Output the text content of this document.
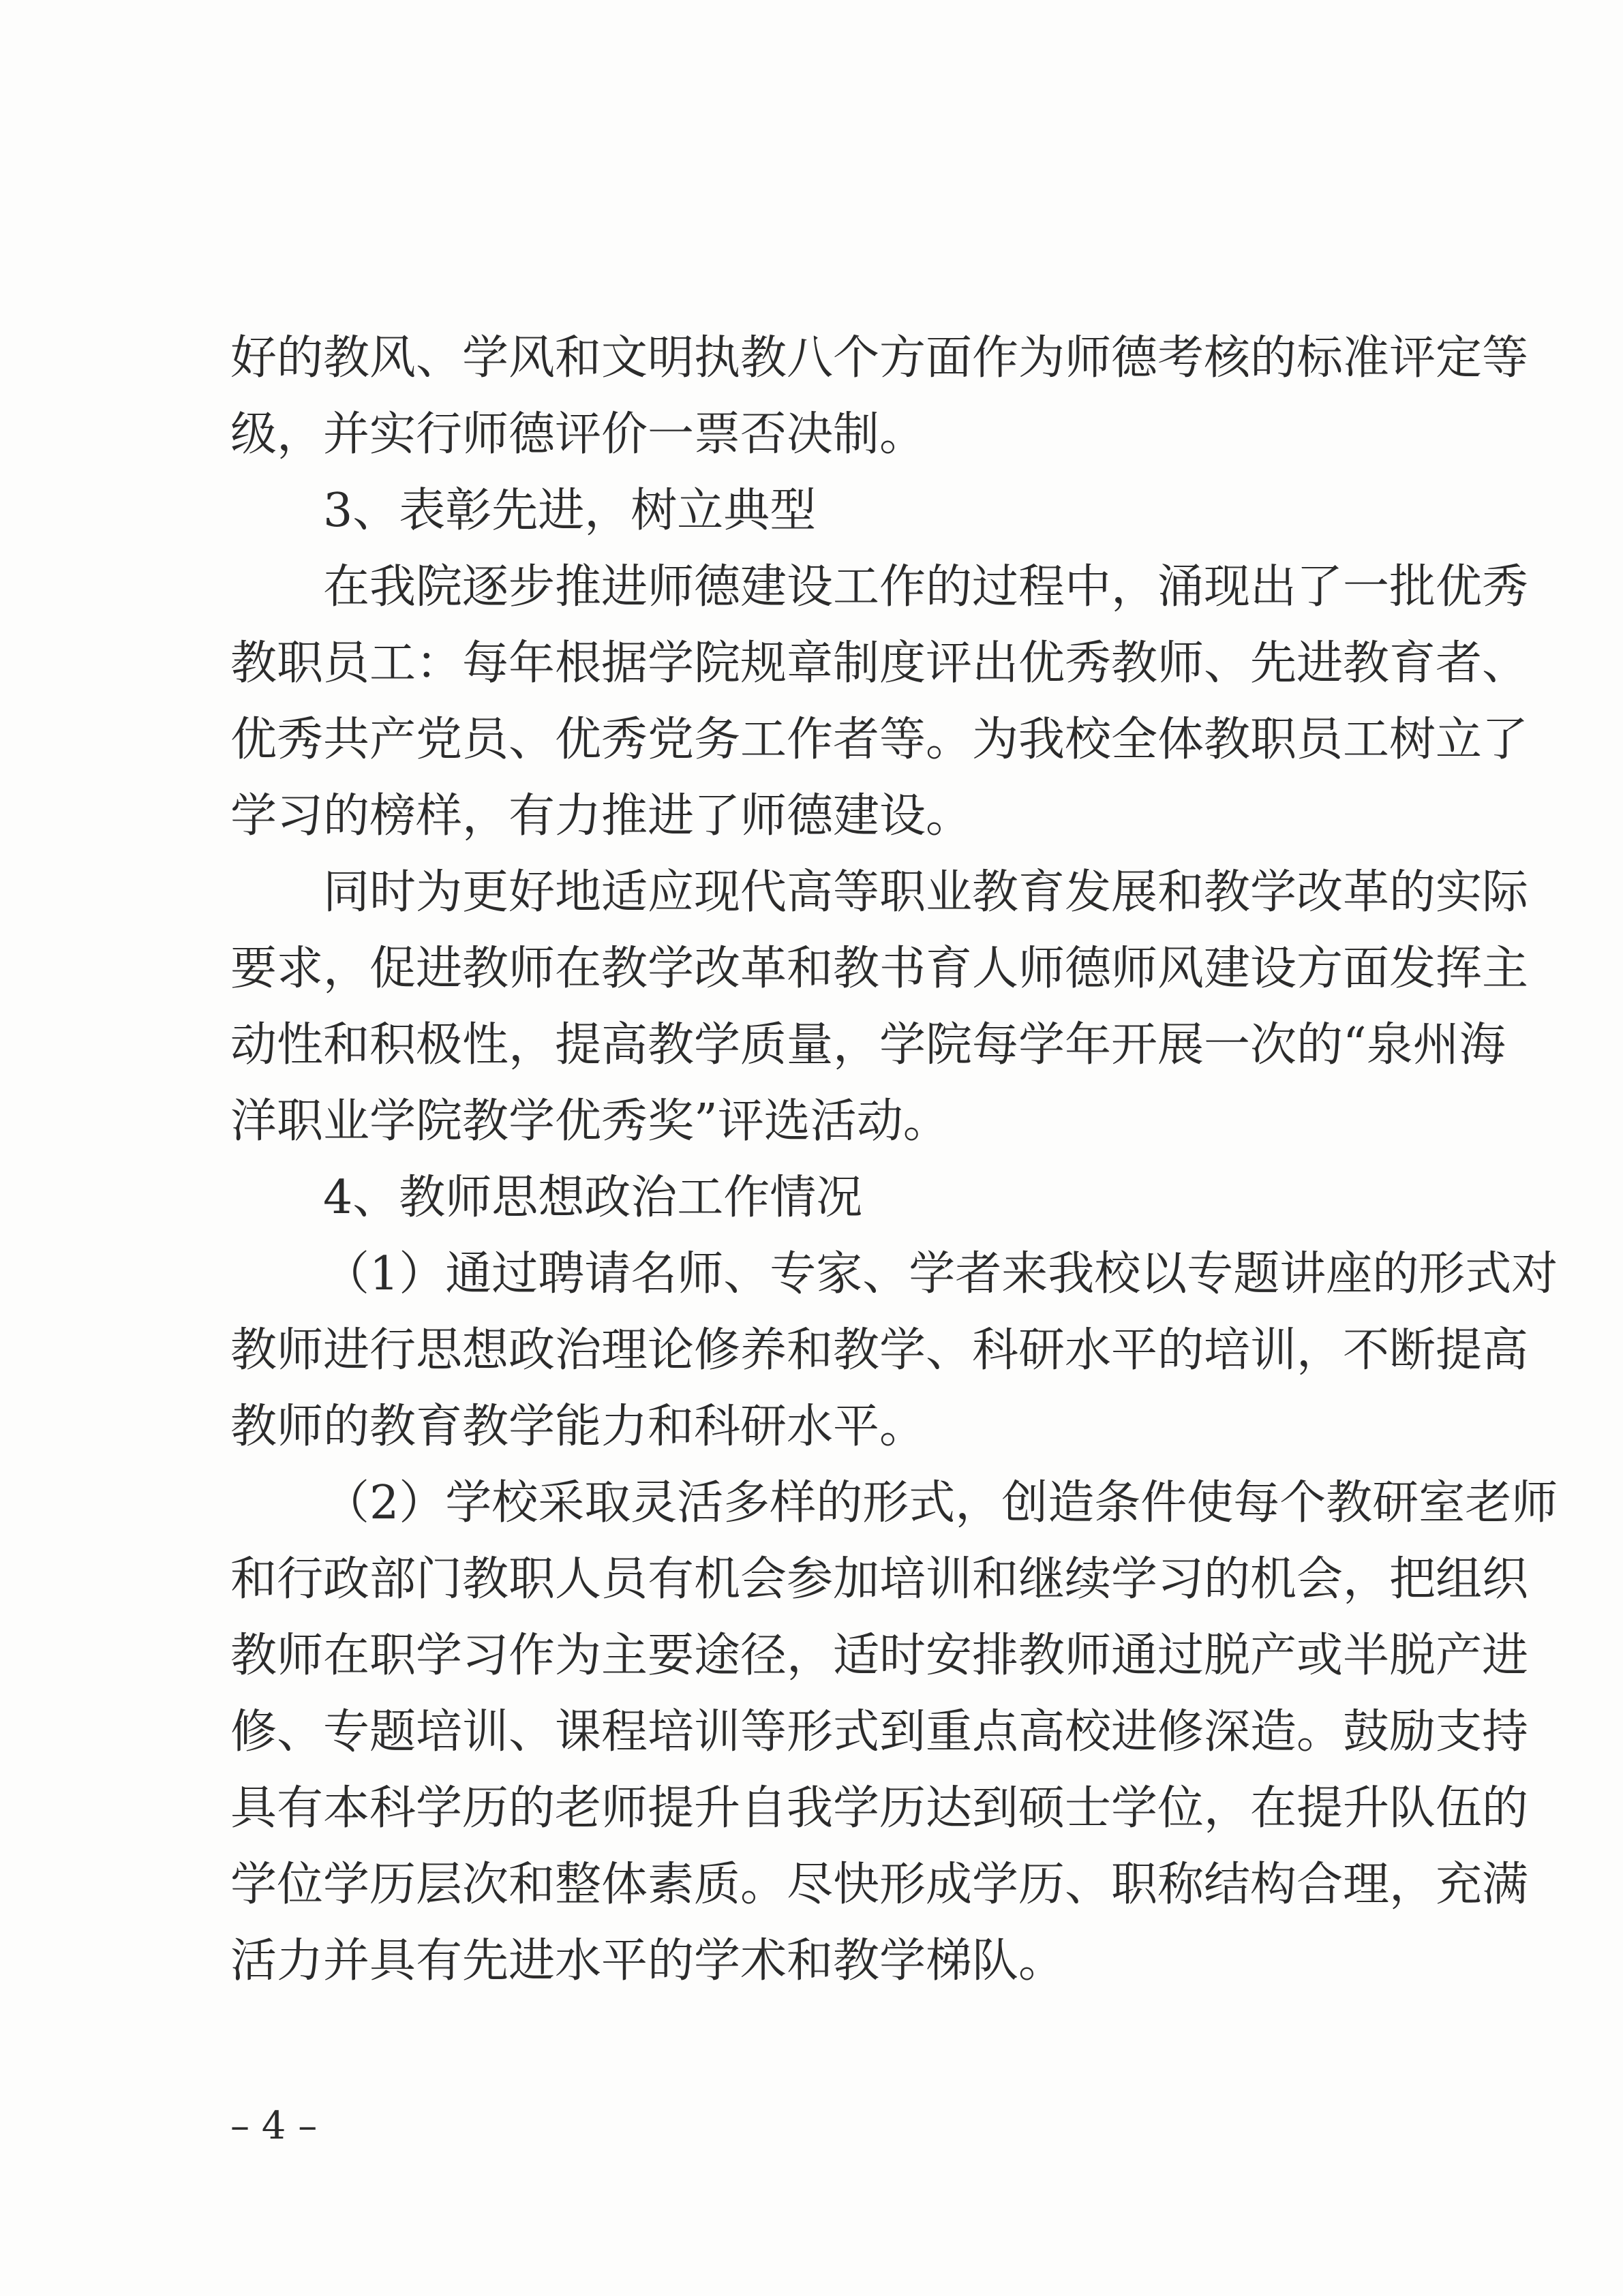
好的教风、学风和文明执教八个方面作为师德考核的标准评定等
级，并实行师德评价一票否决制。
3、表彰先进，树立典型
在我院逐步推进师德建设工作的过程中，涌现出了一批优秀
教职员工：每年根据学院规章制度评出优秀教师、先进教育者、
优秀共产党员、优秀党务工作者等。为我校全体教职员工树立了
学习的榜样，有力推进了师德建设。
同时为更好地适应现代高等职业教育发展和教学改革的实际
要求，促进教师在教学改革和教书育人师德师风建设方面发挥主
动性和积极性，提高教学质量，学院每学年开展一次的“泉州海
洋职业学院教学优秀奖”评选活动。
4、教师思想政治工作情况
（1）通过聘请名师、专家、学者来我校以专题讲座的形式对
教师进行思想政治理论修养和教学、科研水平的培训，不断提高
教师的教育教学能力和科研水平。
（2）学校采取灵活多样的形式，创造条件使每个教研室老师
和行政部门教职人员有机会参加培训和继续学习的机会，把组织
教师在职学习作为主要途径，适时安排教师通过脱产或半脱产进
修、专题培训、课程培训等形式到重点高校进修深造。鼓励支持
具有本科学历的老师提升自我学历达到硕士学位，在提升队伍的
学位学历层次和整体素质。尽快形成学历、职称结构合理，充满
活力并具有先进水平的学术和教学梯队。
– 4 –
